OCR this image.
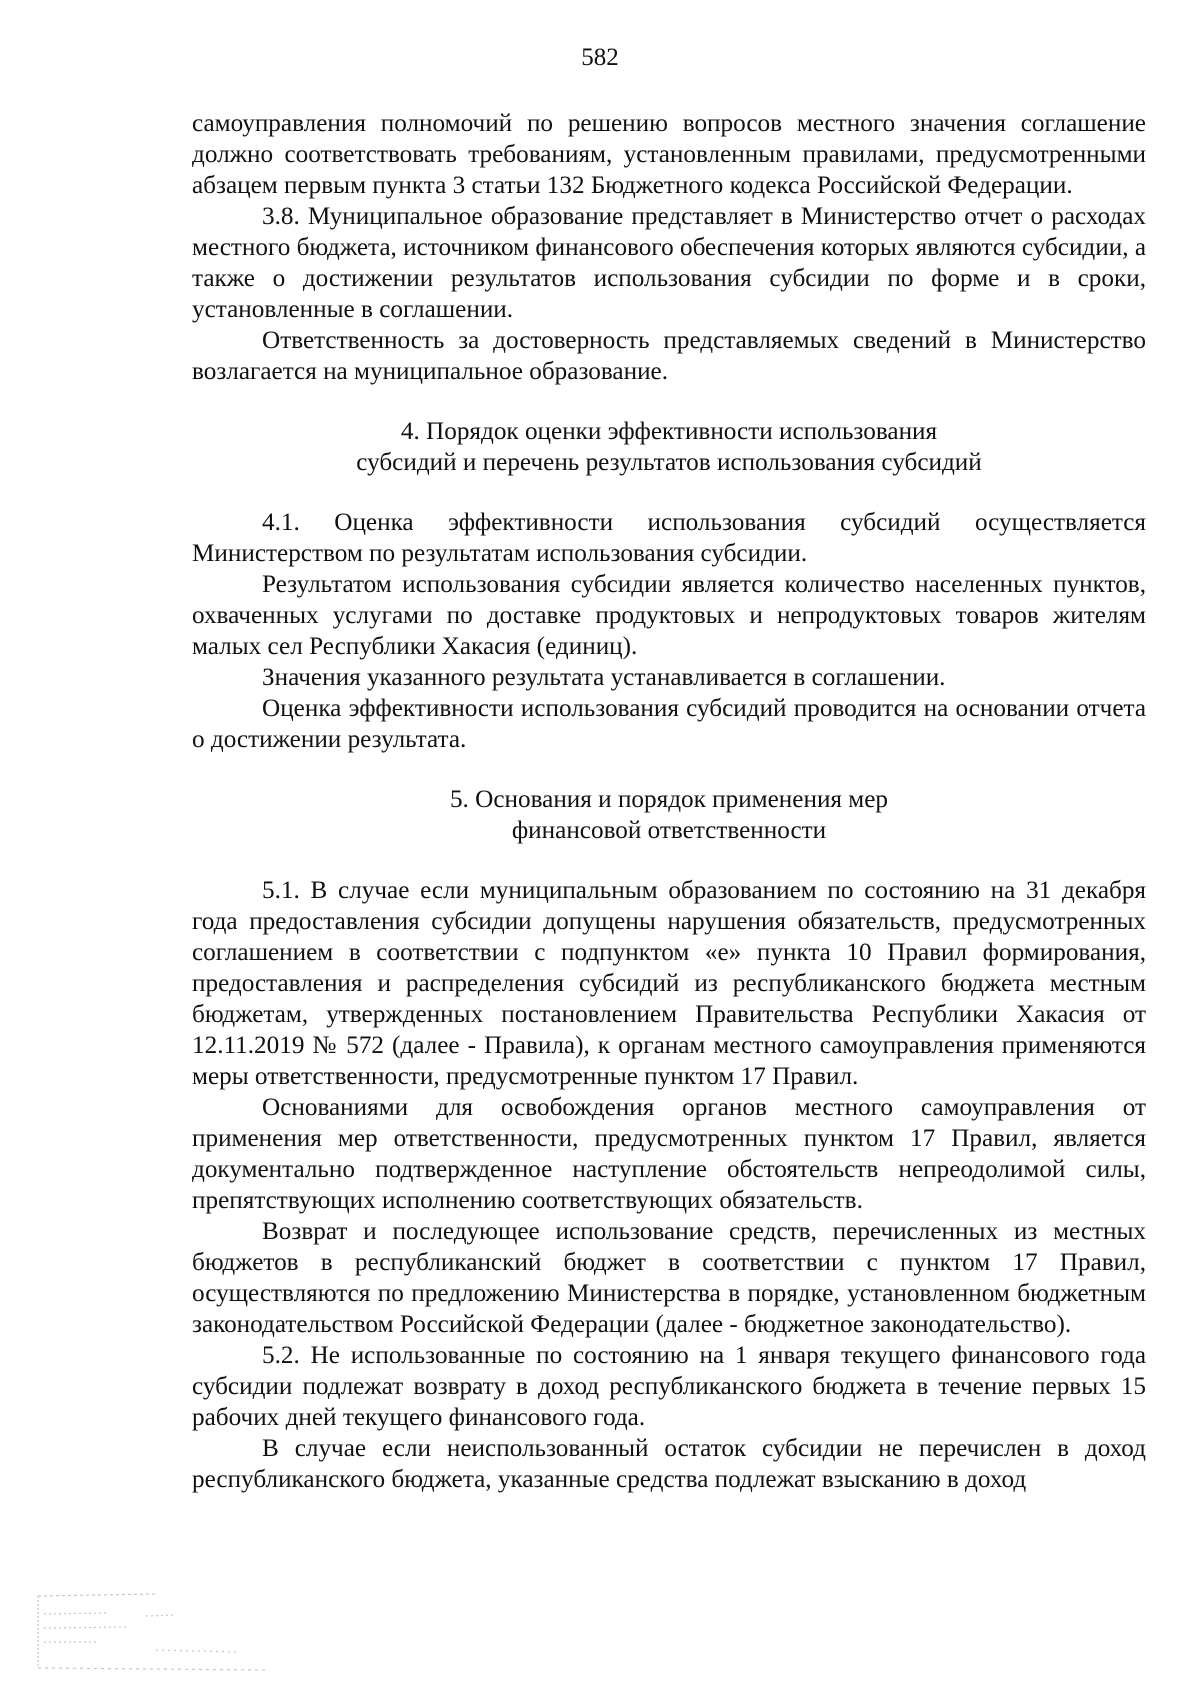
582

самоуправления полномочий по решению вопросов местного значения соглашение должно соответствовать требованиям, установленным правилами, предусмотренными абзацем первым пункта 3 статьи 132 Бюджетного кодекса Российской Федерации.

3.8. Муниципальное образование представляет в Министерство отчет о расходах местного бюджета, источником финансового обеспечения которых являются субсидии, а также о достижении результатов использования субсидии по форме и в сроки, установленные в соглашении.

Ответственность за достоверность представляемых сведений в Министерство возлагается на муниципальное образование.

4. Порядок оценки эффективности использования

субсидий и перечень результатов использования субсидий

4.1. Оценка эффективности использования субсидий осуществляется Министерством по результатам использования субсидии.

Результатом использования субсидии является количество населенных пунктов, охваченных услугами по доставке продуктовых и непродуктовых товаров жителям малых сел Республики Хакасия (единиц).

Значения указанного результата устанавливается в соглашении.

Оценка эффективности использования субсидий проводится на основании отчета о достижении результата.

5. Основания и порядок применения мер

финансовой ответственности

5.1. В случае если муниципальным образованием по состоянию на 31 декабря года предоставления субсидии допущены нарушения обязательств, предусмотренных соглашением в соответствии с подпунктом «е» пункта 10 Правил формирования, предоставления и распределения субсидий из республиканского бюджета местным бюджетам, утвержденных постановлением Правительства Республики Хакасия от 12.11.2019 № 572 (далее - Правила), к органам местного самоуправления применяются меры ответственности, предусмотренные пунктом 17 Правил.

Основаниями для освобождения органов местного самоуправления от применения мер ответственности, предусмотренных пунктом 17 Правил, является документально подтвержденное наступление обстоятельств непреодолимой силы, препятствующих исполнению соответствующих обязательств.

Возврат и последующее использование средств, перечисленных из местных бюджетов в республиканский бюджет в соответствии с пунктом 17 Правил, осуществляются по предложению Министерства в порядке, установленном бюджетным законодательством Российской Федерации (далее - бюджетное законодательство).

5.2. Не использованные по состоянию на 1 января текущего финансового года субсидии подлежат возврату в доход республиканского бюджета в течение первых 15 рабочих дней текущего финансового года.

В случае если неиспользованный остаток субсидии не перечислен в доход республиканского бюджета, указанные средства подлежат взысканию в доход
